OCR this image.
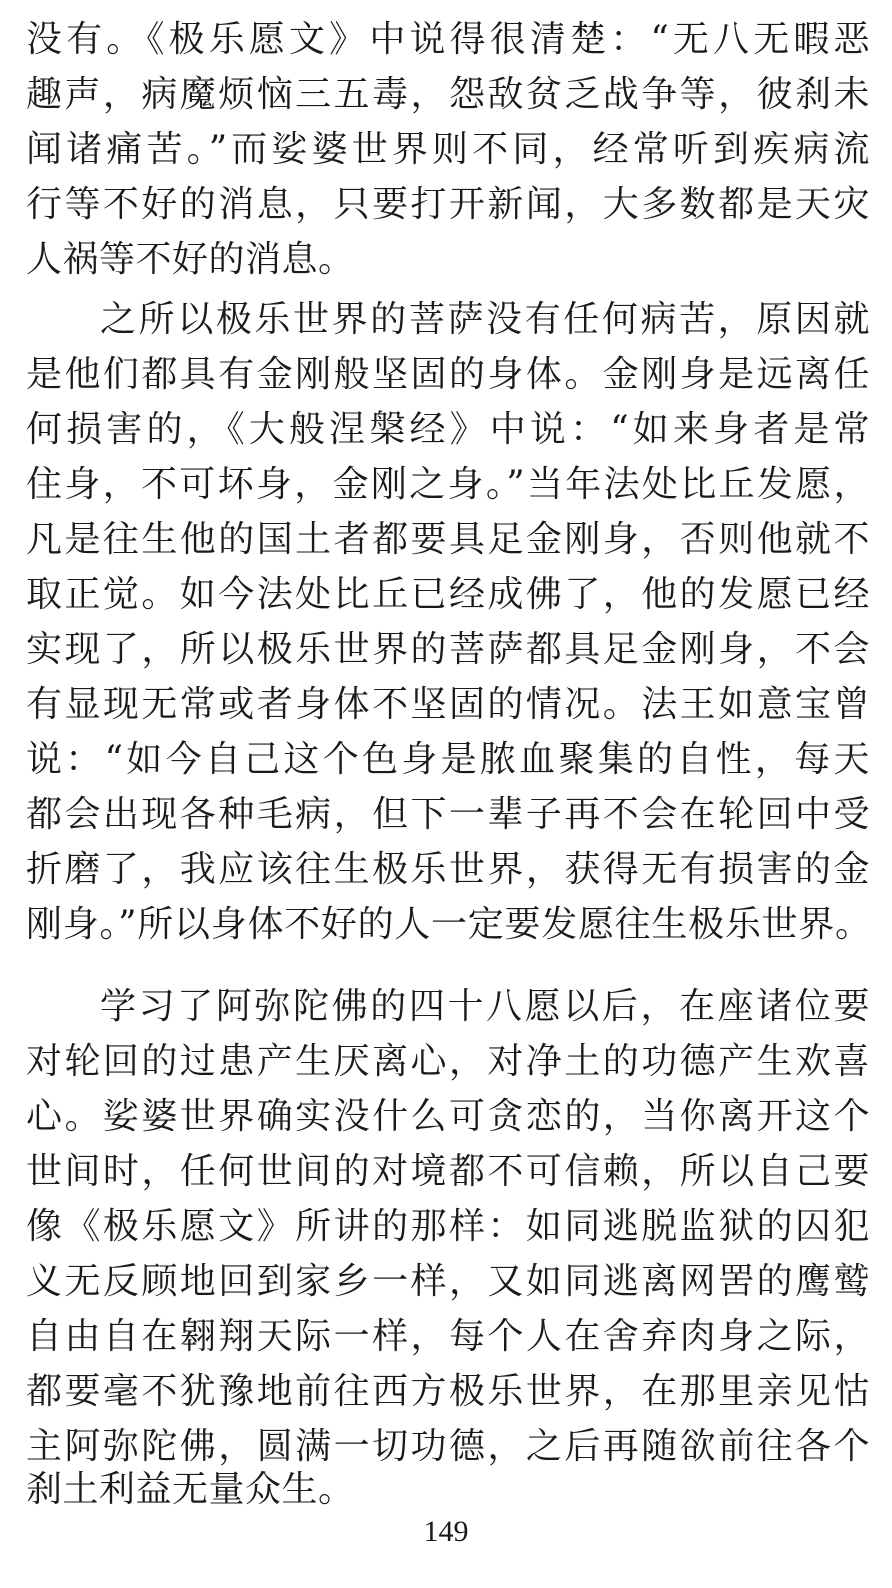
没有。《极乐愿文》中说得很清楚：“无八无暇恶
趣声，病魔烦恼三五毒，怨敌贫乏战争等，彼刹未
闻诸痛苦。”而娑婆世界则不同，经常听到疾病流
行等不好的消息，只要打开新闻，大多数都是天灾
人祸等不好的消息。
之所以极乐世界的菩萨没有任何病苦，原因就
是他们都具有金刚般坚固的身体。金刚身是远离任
何损害的，《大般涅槃经》中说：“如来身者是常
住身，不可坏身，金刚之身。”当年法处比丘发愿，
凡是往生他的国土者都要具足金刚身，否则他就不
取正觉。如今法处比丘已经成佛了，他的发愿已经
实现了，所以极乐世界的菩萨都具足金刚身，不会
有显现无常或者身体不坚固的情况。法王如意宝曾
说：“如今自己这个色身是脓血聚集的自性，每天
都会出现各种毛病，但下一辈子再不会在轮回中受
折磨了，我应该往生极乐世界，获得无有损害的金
刚身。”所以身体不好的人一定要发愿往生极乐世界。
学习了阿弥陀佛的四十八愿以后，在座诸位要
对轮回的过患产生厌离心，对净土的功德产生欢喜
心。娑婆世界确实没什么可贪恋的，当你离开这个
世间时，任何世间的对境都不可信赖，所以自己要
像《极乐愿文》所讲的那样：如同逃脱监狱的囚犯
义无反顾地回到家乡一样，又如同逃离网罟的鹰鹫
自由自在翱翔天际一样，每个人在舍弃肉身之际，
都要毫不犹豫地前往西方极乐世界，在那里亲见怙
主阿弥陀佛，圆满一切功德，之后再随欲前往各个
刹土利益无量众生。
149
